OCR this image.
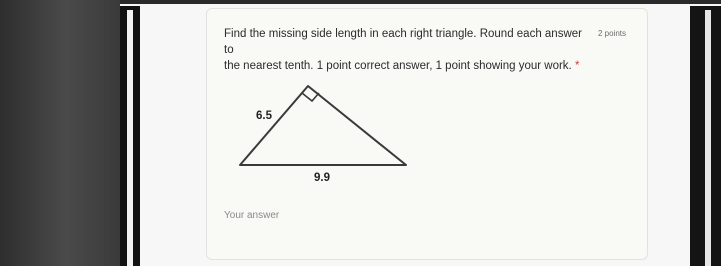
Find the missing side length in each right triangle. Round each answer to
the nearest tenth. 1 point correct answer, 1 point showing your work. *
2 points
6.5
9.9
Your answer
